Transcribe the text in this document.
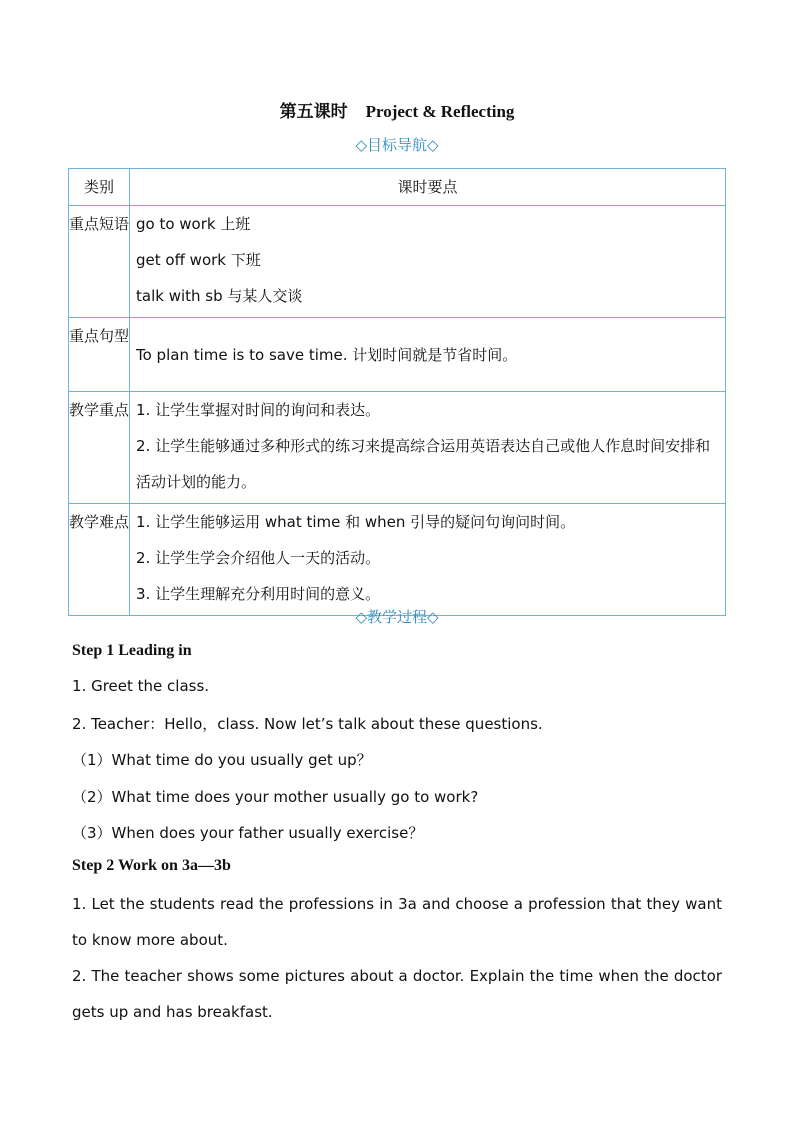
第五课时 Project & Reflecting
◇目标导航◇
类别	课时要点
重点短语	go to work 上班
get off work 下班
talk with sb 与某人交谈

重点句型	To plan time is to save time. 计划时间就是节省时间。

教学重点	1. 让学生掌握对时间的询问和表达。
2. 让学生能够通过多种形式的练习来提高综合运用英语表达自己或他人作息时间安排和活动计划的能力。

教学难点	1. 让学生能够运用 what time 和 when 引导的疑问句询问时间。
2. 让学生学会介绍他人一天的活动。
3. 让学生理解充分利用时间的意义。
◇教学过程◇
Step 1 Leading in
1. Greet the class.
2. Teacher：Hello，class. Now let’s talk about these questions.
（1）What time do you usually get up？
（2）What time does your mother usually go to work?
（3）When does your father usually exercise？
Step 2 Work on 3a—3b
1. Let the students read the professions in 3a and choose a profession that they want to know more about.
2. The teacher shows some pictures about a doctor. Explain the time when the doctor gets up and has breakfast.
